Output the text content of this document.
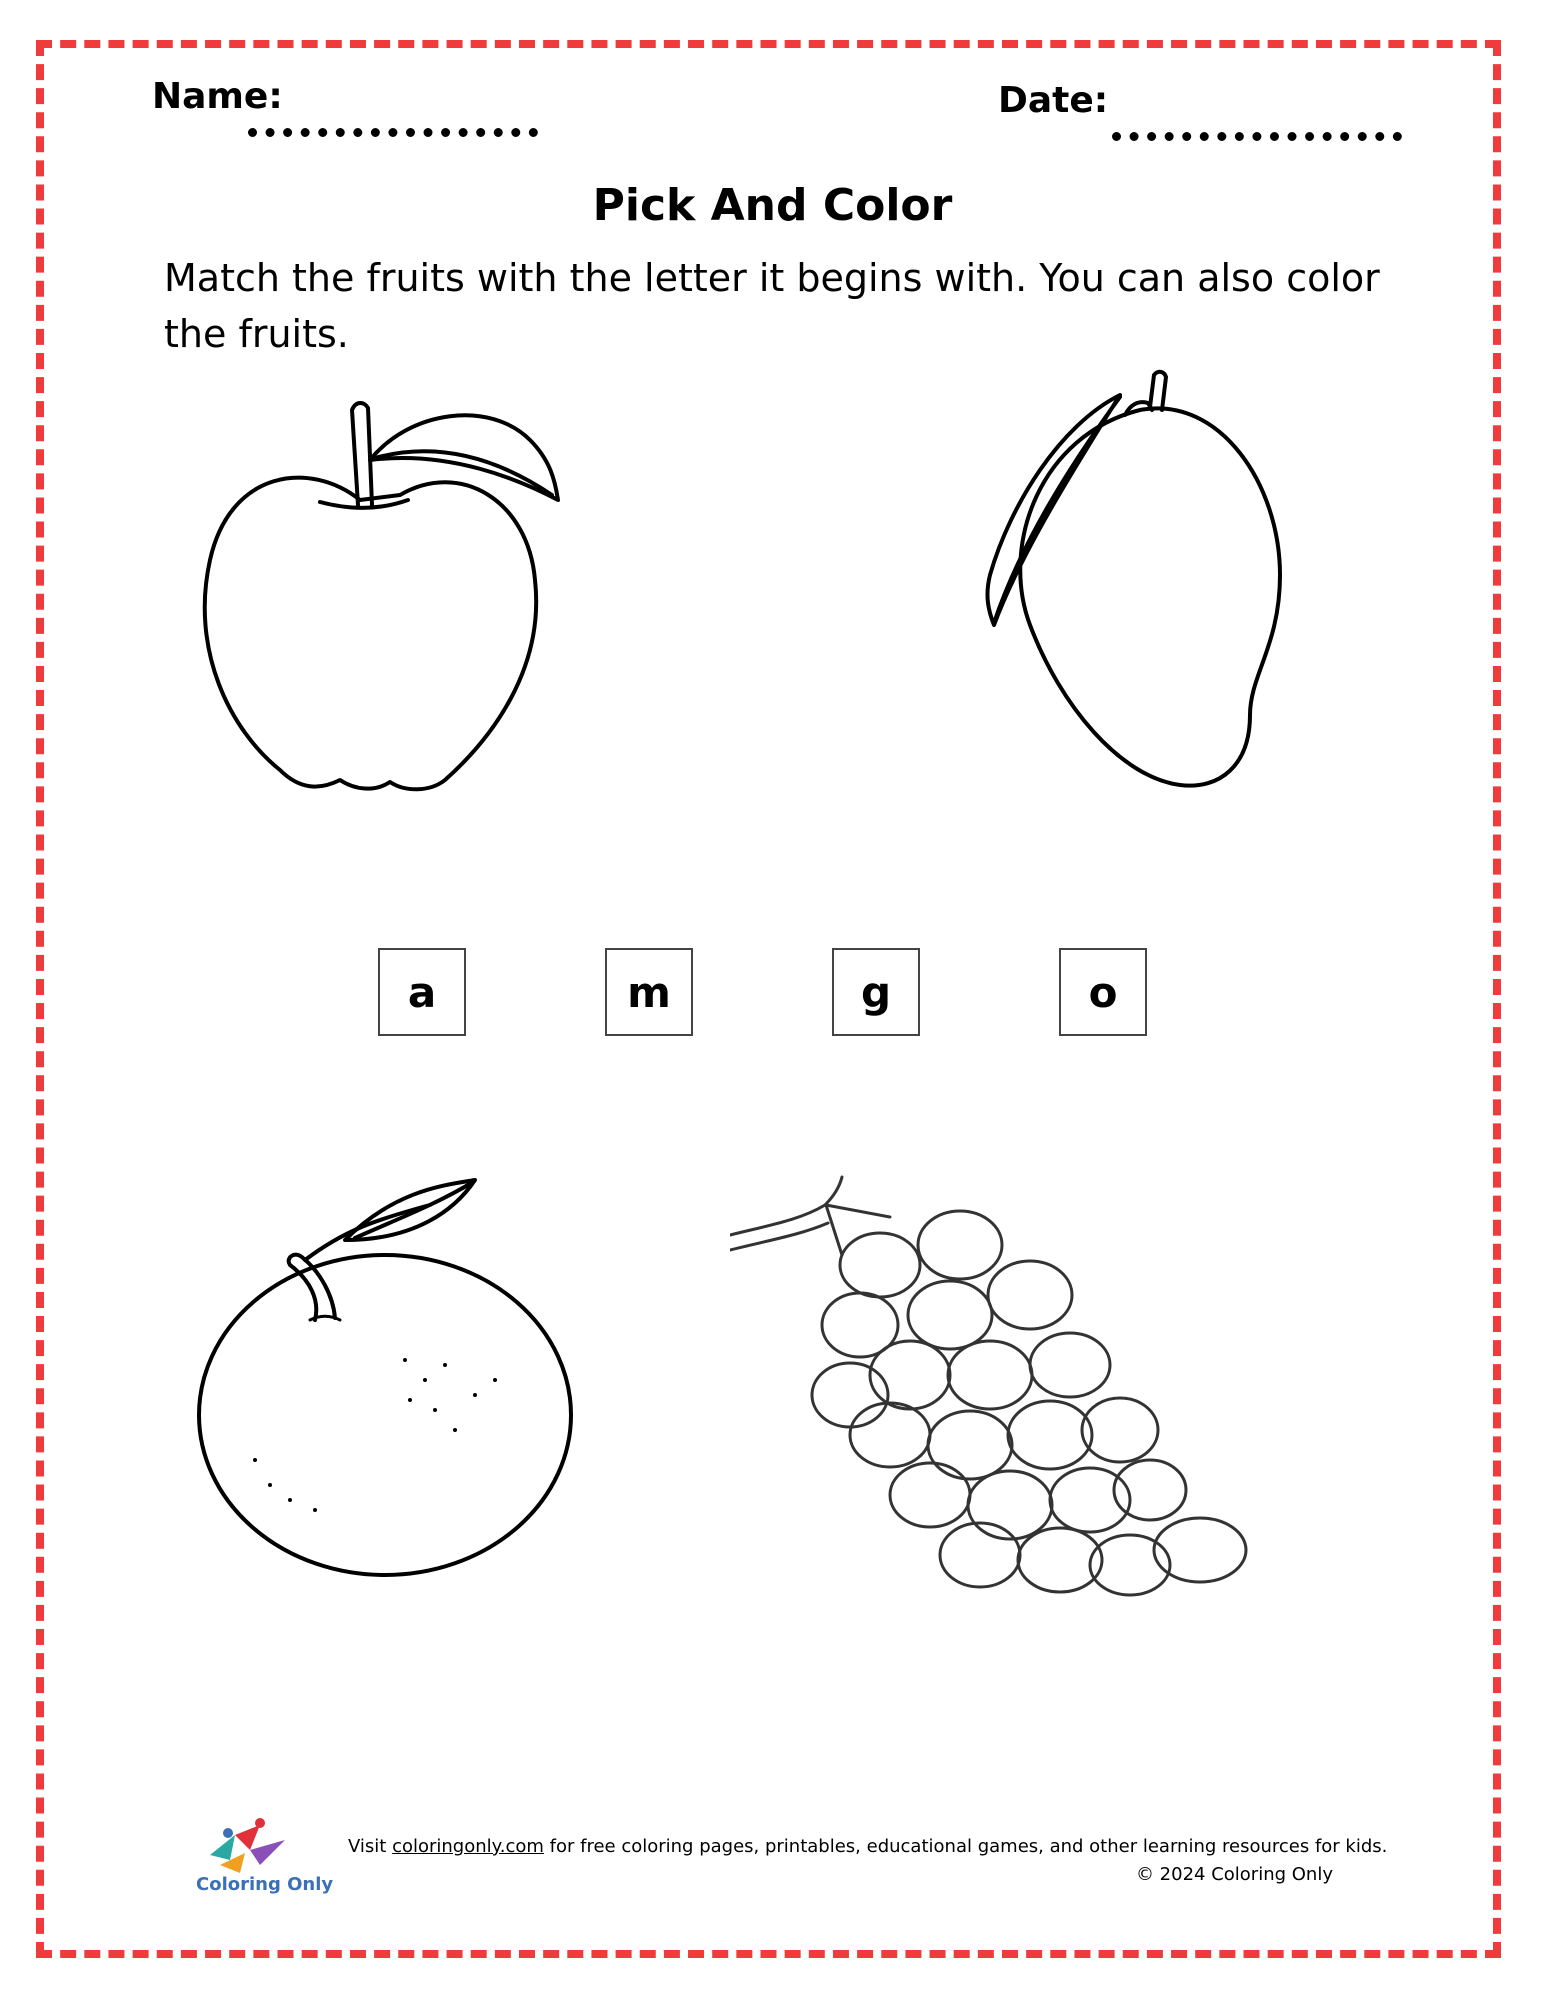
Name:	Date:
Pick And Color
Match the fruits with the letter it begins with. You can also color the fruits.
a	m	g	o
Coloring Only
Visit coloringonly.com for free coloring pages, printables, educational games, and other learning resources for kids.
© 2024 Coloring Only
